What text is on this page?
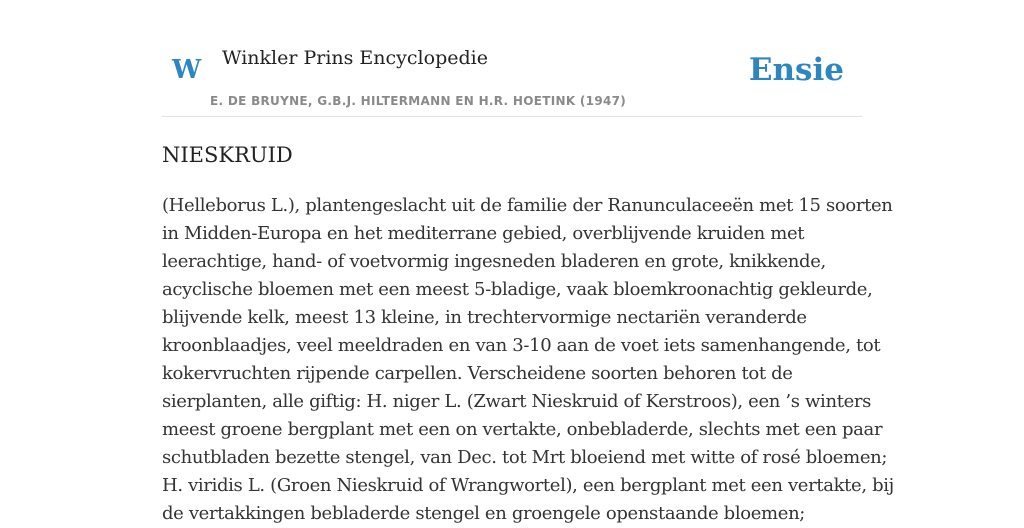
W Winkler Prins Encyclopedie
E. DE BRUYNE, G.B.J. HILTERMANN EN H.R. HOETINK (1947)
Ensie
NIESKRUID
(Helleborus L.), plantengeslacht uit de familie der Ranunculaceeën met 15 soorten
in Midden-Europa en het mediterrane gebied, overblijvende kruiden met
leerachtige, hand- of voetvormig ingesneden bladeren en grote, knikkende,
acyclische bloemen met een meest 5-bladige, vaak bloemkroonachtig gekleurde,
blijvende kelk, meest 13 kleine, in trechtervormige nectariën veranderde
kroonblaadjes, veel meeldraden en van 3-10 aan de voet iets samenhangende, tot
kokervruchten rijpende carpellen. Verscheidene soorten behoren tot de
sierplanten, alle giftig: H. niger L. (Zwart Nieskruid of Kerstroos), een ’s winters
meest groene bergplant met een on vertakte, onbebladerde, slechts met een paar
schutbladen bezette stengel, van Dec. tot Mrt bloeiend met witte of rosé bloemen;
H. viridis L. (Groen Nieskruid of Wrangwortel), een bergplant met een vertakte, bij
de vertakkingen bebladerde stengel en groengele openstaande bloemen;
